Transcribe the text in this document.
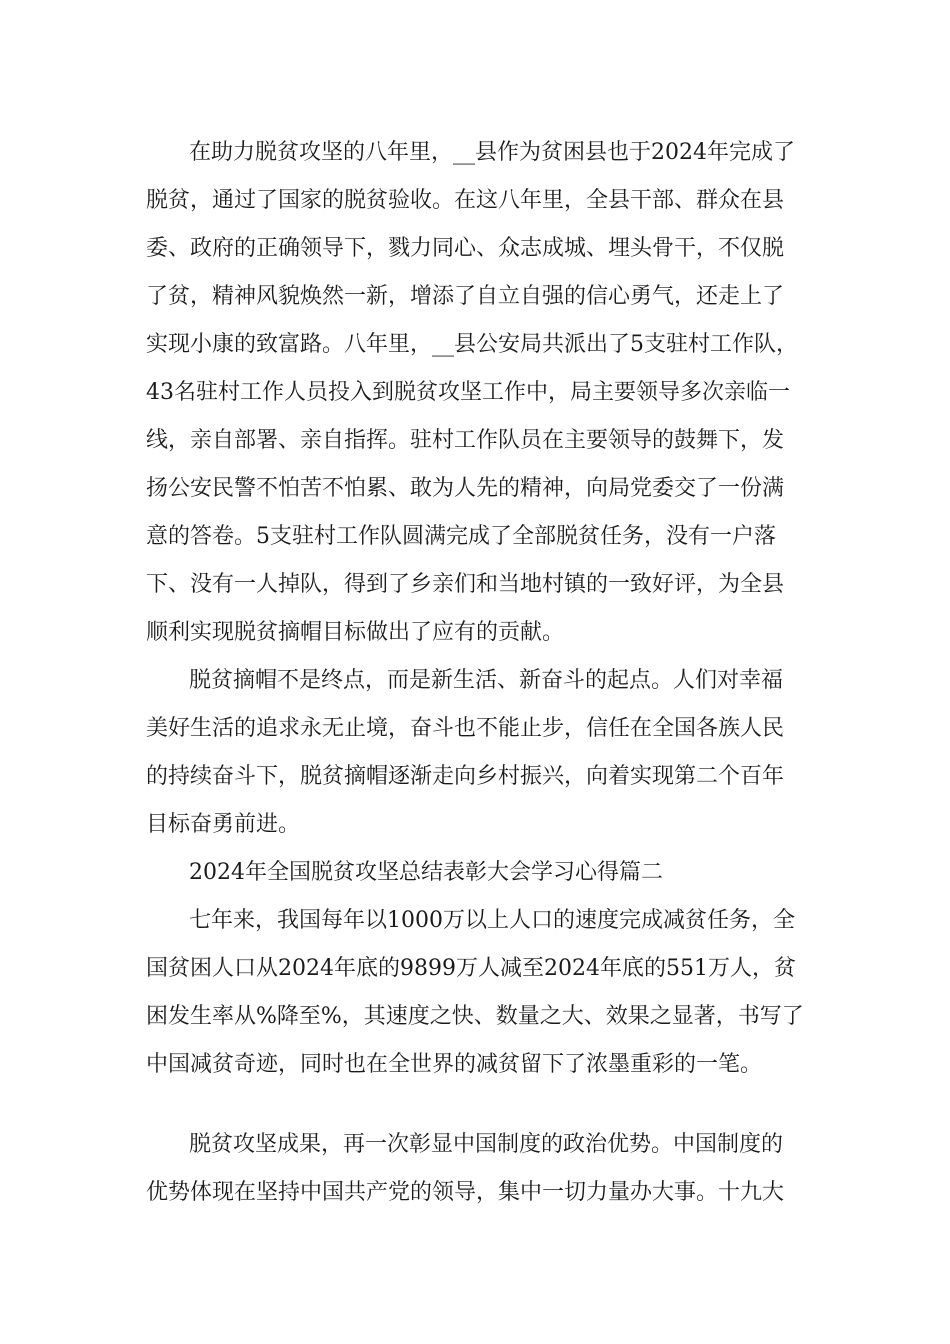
在助力脱贫攻坚的八年里，__县作为贫困县也于2024年完成了
脱贫，通过了国家的脱贫验收。在这八年里，全县干部、群众在县
委、政府的正确领导下，戮力同心、众志成城、埋头骨干，不仅脱
了贫，精神风貌焕然一新，增添了自立自强的信心勇气，还走上了
实现小康的致富路。八年里，__县公安局共派出了5支驻村工作队，
43名驻村工作人员投入到脱贫攻坚工作中，局主要领导多次亲临一
线，亲自部署、亲自指挥。驻村工作队员在主要领导的鼓舞下，发
扬公安民警不怕苦不怕累、敢为人先的精神，向局党委交了一份满
意的答卷。5支驻村工作队圆满完成了全部脱贫任务，没有一户落
下、没有一人掉队，得到了乡亲们和当地村镇的一致好评，为全县
顺利实现脱贫摘帽目标做出了应有的贡献。
脱贫摘帽不是终点，而是新生活、新奋斗的起点。人们对幸福
美好生活的追求永无止境，奋斗也不能止步，信任在全国各族人民
的持续奋斗下，脱贫摘帽逐渐走向乡村振兴，向着实现第二个百年
目标奋勇前进。
2024年全国脱贫攻坚总结表彰大会学习心得篇二
七年来，我国每年以1000万以上人口的速度完成减贫任务，全
国贫困人口从2024年底的9899万人减至2024年底的551万人，贫
困发生率从%降至%，其速度之快、数量之大、效果之显著，书写了
中国减贫奇迹，同时也在全世界的减贫留下了浓墨重彩的一笔。
脱贫攻坚成果，再一次彰显中国制度的政治优势。中国制度的
优势体现在坚持中国共产党的领导，集中一切力量办大事。十九大
